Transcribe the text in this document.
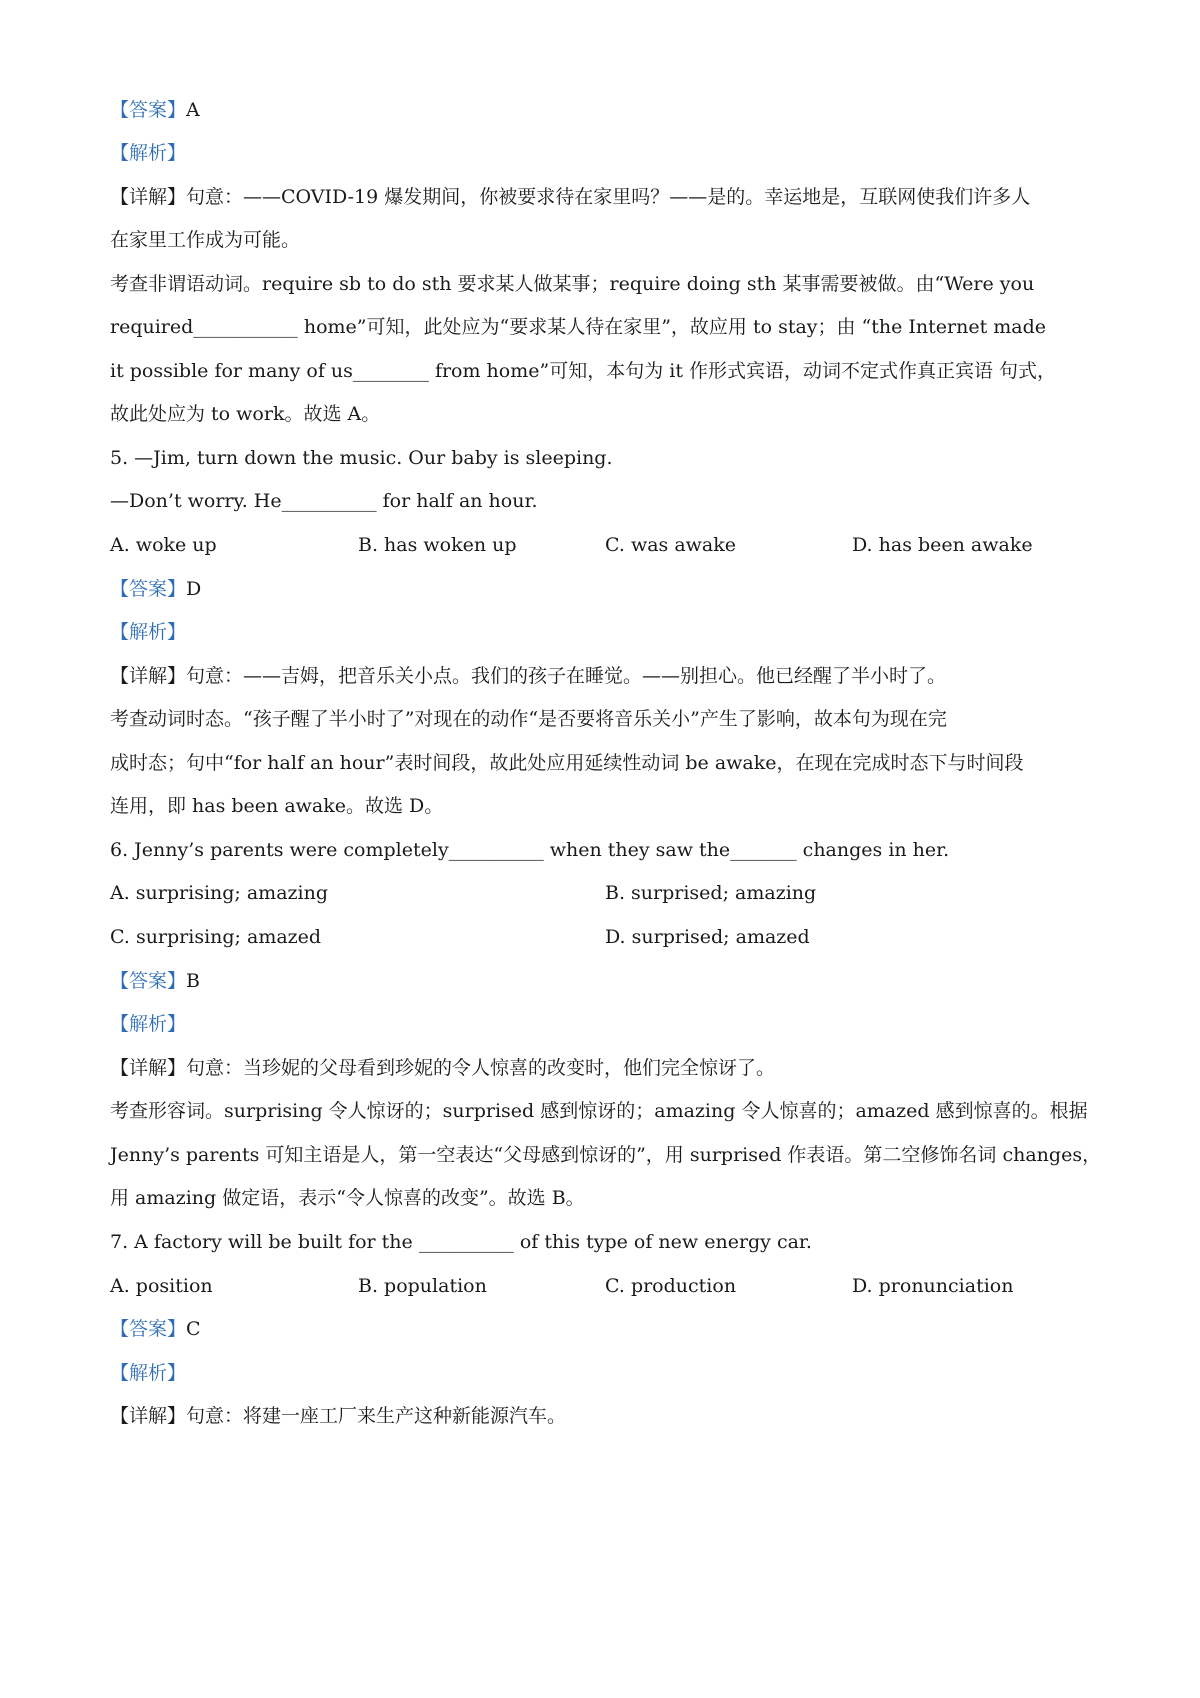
【答案】A
【解析】
【详解】句意：——COVID-19 爆发期间，你被要求待在家里吗？——是的。幸运地是，互联网使我们许多人
在家里工作成为可能。
考查非谓语动词。require sb to do sth 要求某人做某事；require doing sth 某事需要被做。由“Were you
required___________ home”可知，此处应为“要求某人待在家里”，故应用 to stay；由 “the Internet made
it possible for many of us________ from home”可知，本句为 it 作形式宾语，动词不定式作真正宾语 句式，
故此处应为 to work。故选 A。
5. —Jim, turn down the music. Our baby is sleeping.
—Don’t worry. He__________ for half an hour.
A. woke up	B. has woken up	C. was awake	D. has been awake
【答案】D
【解析】
【详解】句意：——吉姆，把音乐关小点。我们的孩子在睡觉。——别担心。他已经醒了半小时了。
考查动词时态。“孩子醒了半小时了”对现在的动作“是否要将音乐关小”产生了影响，故本句为现在完
成时态；句中“for half an hour”表时间段，故此处应用延续性动词 be awake，在现在完成时态下与时间段
连用，即 has been awake。故选 D。
6. Jenny’s parents were completely__________ when they saw the_______ changes in her.
A. surprising; amazing	B. surprised; amazing
C. surprising; amazed	D. surprised; amazed
【答案】B
【解析】
【详解】句意：当珍妮的父母看到珍妮的令人惊喜的改变时，他们完全惊讶了。
考查形容词。surprising 令人惊讶的；surprised 感到惊讶的；amazing 令人惊喜的；amazed 感到惊喜的。根据
Jenny’s parents 可知主语是人，第一空表达“父母感到惊讶的”，用 surprised 作表语。第二空修饰名词 changes，
用 amazing 做定语，表示“令人惊喜的改变”。故选 B。
7. A factory will be built for the __________ of this type of new energy car.
A. position	B. population	C. production	D. pronunciation
【答案】C
【解析】
【详解】句意：将建一座工厂来生产这种新能源汽车。
